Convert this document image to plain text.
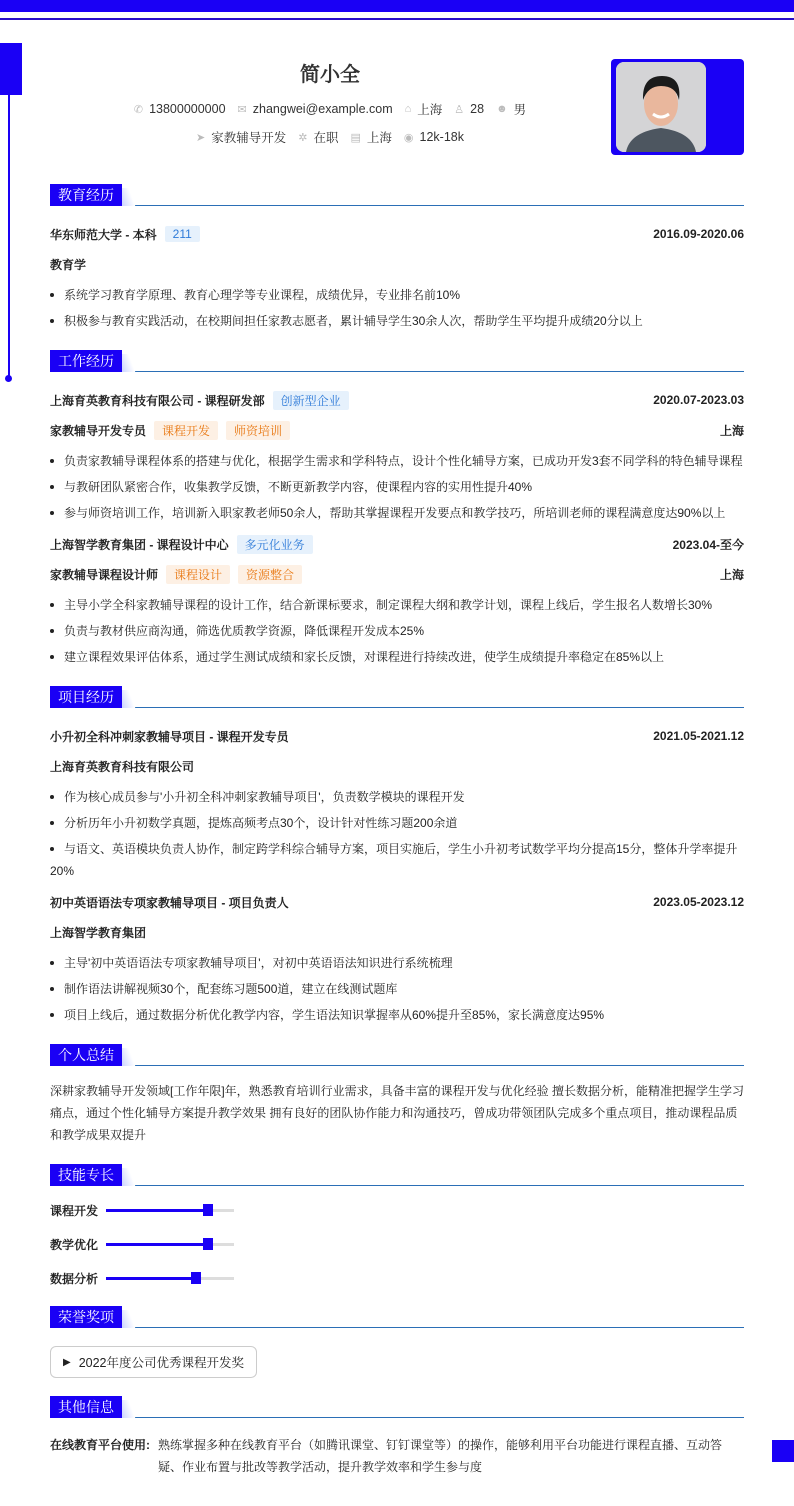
简小全
✆ 13800000000 ✉ zhangwei@example.com ⌂ 上海 ♙ 28 ☻ 男
➤ 家教辅导开发 ✲ 在职 ▤ 上海 ◉ 12k-18k
教育经历
华东师范大学 - 本科	211	2016.09-2020.06
教育学
系统学习教育学原理、教育心理学等专业课程，成绩优异，专业排名前10%
积极参与教育实践活动，在校期间担任家教志愿者，累计辅导学生30余人次，帮助学生平均提升成绩20分以上
工作经历
上海育英教育科技有限公司 - 课程研发部	创新型企业	2020.07-2023.03
家教辅导开发专员	课程开发	师资培训	上海
负责家教辅导课程体系的搭建与优化，根据学生需求和学科特点，设计个性化辅导方案，已成功开发3套不同学科的特色辅导课程
与教研团队紧密合作，收集教学反馈，不断更新教学内容，使课程内容的实用性提升40%
参与师资培训工作，培训新入职家教老师50余人，帮助其掌握课程开发要点和教学技巧，所培训老师的课程满意度达90%以上
上海智学教育集团 - 课程设计中心	多元化业务	2023.04-至今
家教辅导课程设计师	课程设计	资源整合	上海
主导小学全科家教辅导课程的设计工作，结合新课标要求，制定课程大纲和教学计划，课程上线后，学生报名人数增长30%
负责与教材供应商沟通，筛选优质教学资源，降低课程开发成本25%
建立课程效果评估体系，通过学生测试成绩和家长反馈，对课程进行持续改进，使学生成绩提升率稳定在85%以上
项目经历
小升初全科冲刺家教辅导项目 - 课程开发专员	2021.05-2021.12
上海育英教育科技有限公司
作为核心成员参与'小升初全科冲刺家教辅导项目'，负责数学模块的课程开发
分析历年小升初数学真题，提炼高频考点30个，设计针对性练习题200余道
与语文、英语模块负责人协作，制定跨学科综合辅导方案，项目实施后，学生小升初考试数学平均分提高15分，整体升学率提升20%
初中英语语法专项家教辅导项目 - 项目负责人	2023.05-2023.12
上海智学教育集团
主导'初中英语语法专项家教辅导项目'，对初中英语语法知识进行系统梳理
制作语法讲解视频30个，配套练习题500道，建立在线测试题库
项目上线后，通过数据分析优化教学内容，学生语法知识掌握率从60%提升至85%，家长满意度达95%
个人总结
深耕家教辅导开发领域[工作年限]年，熟悉教育培训行业需求，具备丰富的课程开发与优化经验 擅长数据分析，能精准把握学生学习痛点，通过个性化辅导方案提升教学效果 拥有良好的团队协作能力和沟通技巧，曾成功带领团队完成多个重点项目，推动课程品质和教学成果双提升
技能专长
课程开发
教学优化
数据分析
荣誉奖项
▶ 2022年度公司优秀课程开发奖
其他信息
在线教育平台使用: 熟练掌握多种在线教育平台（如腾讯课堂、钉钉课堂等）的操作，能够利用平台功能进行课程直播、互动答疑、作业布置与批改等教学活动，提升教学效率和学生参与度
